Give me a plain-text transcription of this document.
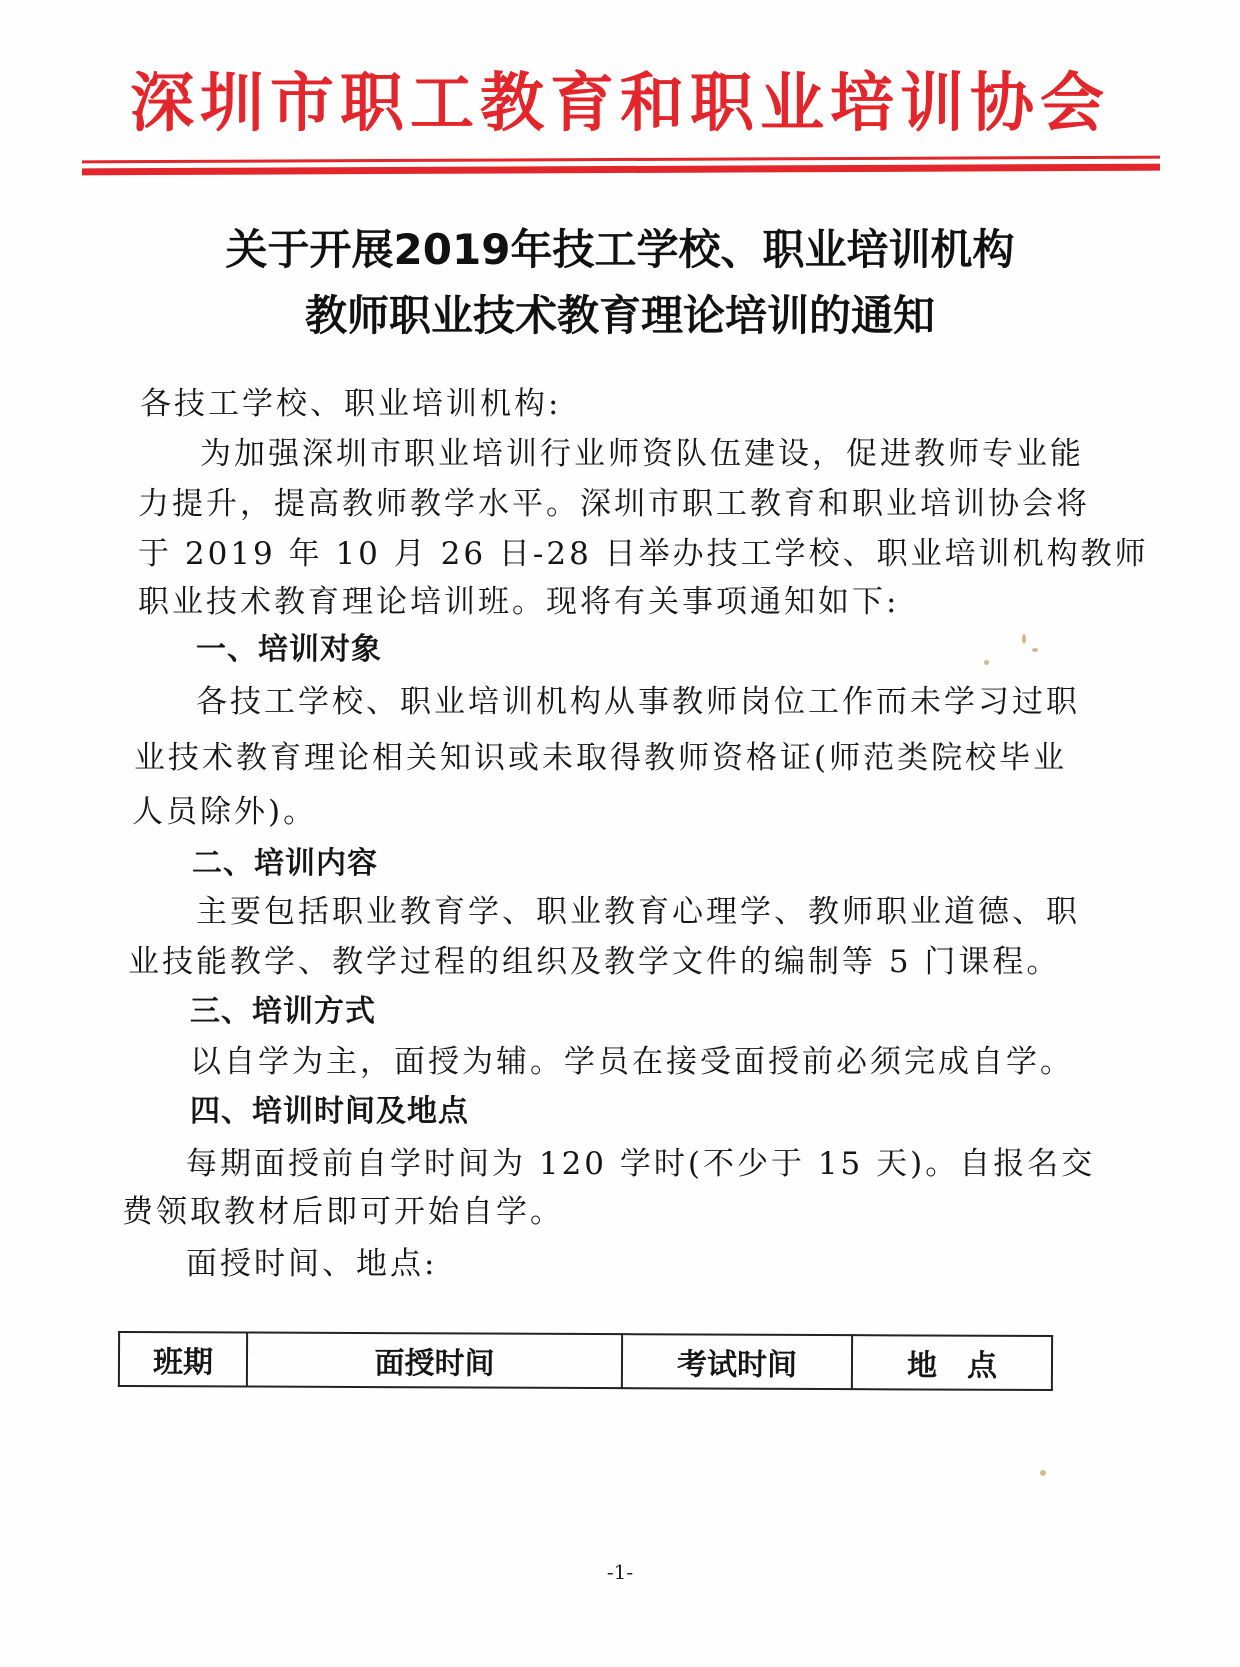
深圳市职工教育和职业培训协会
关于开展2019年技工学校、职业培训机构
教师职业技术教育理论培训的通知
各技工学校、职业培训机构:
为加强深圳市职业培训行业师资队伍建设，促进教师专业能
力提升，提高教师教学水平。深圳市职工教育和职业培训协会将
于 2019 年 10 月 26 日-28 日举办技工学校、职业培训机构教师
职业技术教育理论培训班。现将有关事项通知如下:
一、培训对象
各技工学校、职业培训机构从事教师岗位工作而未学习过职
业技术教育理论相关知识或未取得教师资格证(师范类院校毕业
人员除外)。
二、培训内容
主要包括职业教育学、职业教育心理学、教师职业道德、职
业技能教学、教学过程的组织及教学文件的编制等 5 门课程。
三、培训方式
以自学为主，面授为辅。学员在接受面授前必须完成自学。
四、培训时间及地点
每期面授前自学时间为 120 学时(不少于 15 天)。自报名交
费领取教材后即可开始自学。
面授时间、地点:
班期	面授时间	考试时间	地　点
-1-
